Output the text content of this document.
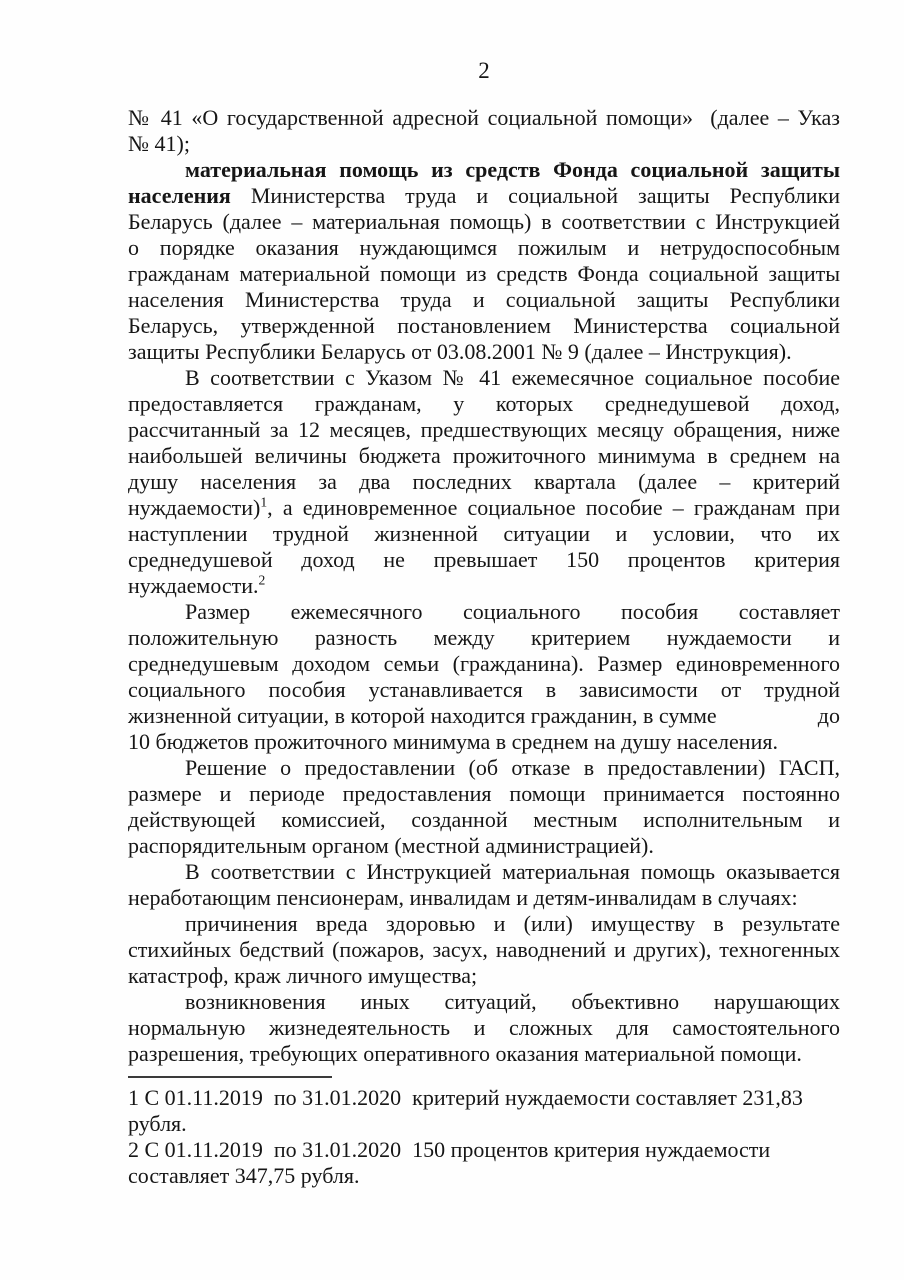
2
№ 41 «О государственной адресной социальной помощи»  (далее – Указ
№ 41);
материальная помощь из средств Фонда социальной защиты
населения Министерства труда и социальной защиты Республики
Беларусь (далее – материальная помощь) в соответствии с Инструкцией
о порядке оказания нуждающимся пожилым и нетрудоспособным
гражданам материальной помощи из средств Фонда социальной защиты
населения Министерства труда и социальной защиты Республики
Беларусь, утвержденной постановлением Министерства социальной
защиты Республики Беларусь от 03.08.2001 № 9 (далее – Инструкция).
В соответствии с Указом № 41 ежемесячное социальное пособие
предоставляется гражданам, у которых среднедушевой доход,
рассчитанный за 12 месяцев, предшествующих месяцу обращения, ниже
наибольшей величины бюджета прожиточного минимума в среднем на
душу населения за два последних квартала (далее – критерий
нуждаемости)$^1$, а единовременное социальное пособие – гражданам при
наступлении трудной жизненной ситуации и условии, что их
среднедушевой доход не превышает 150 процентов критерия
нуждаемости.$^2$
Размер ежемесячного социального пособия составляет
положительную разность между критерием нуждаемости и
среднедушевым доходом семьи (гражданина). Размер единовременного
социального пособия устанавливается в зависимости от трудной
жизненной ситуации, в которой находится гражданин, в сумме	до
10 бюджетов прожиточного минимума в среднем на душу населения.
Решение о предоставлении (об отказе в предоставлении) ГАСП,
размере и периоде предоставления помощи принимается постоянно
действующей комиссией, созданной местным исполнительным и
распорядительным органом (местной администрацией).
В соответствии с Инструкцией материальная помощь оказывается
неработающим пенсионерам, инвалидам и детям-инвалидам в случаях:
причинения вреда здоровью и (или) имуществу в результате
стихийных бедствий (пожаров, засух, наводнений и других), техногенных
катастроф, краж личного имущества;
возникновения иных ситуаций, объективно нарушающих
нормальную жизнедеятельность и сложных для самостоятельного
разрешения, требующих оперативного оказания материальной помощи.
1 С 01.11.2019  по 31.01.2020  критерий нуждаемости составляет 231,83
рубля.
2 С 01.11.2019  по 31.01.2020  150 процентов критерия нуждаемости
составляет 347,75 рубля.
